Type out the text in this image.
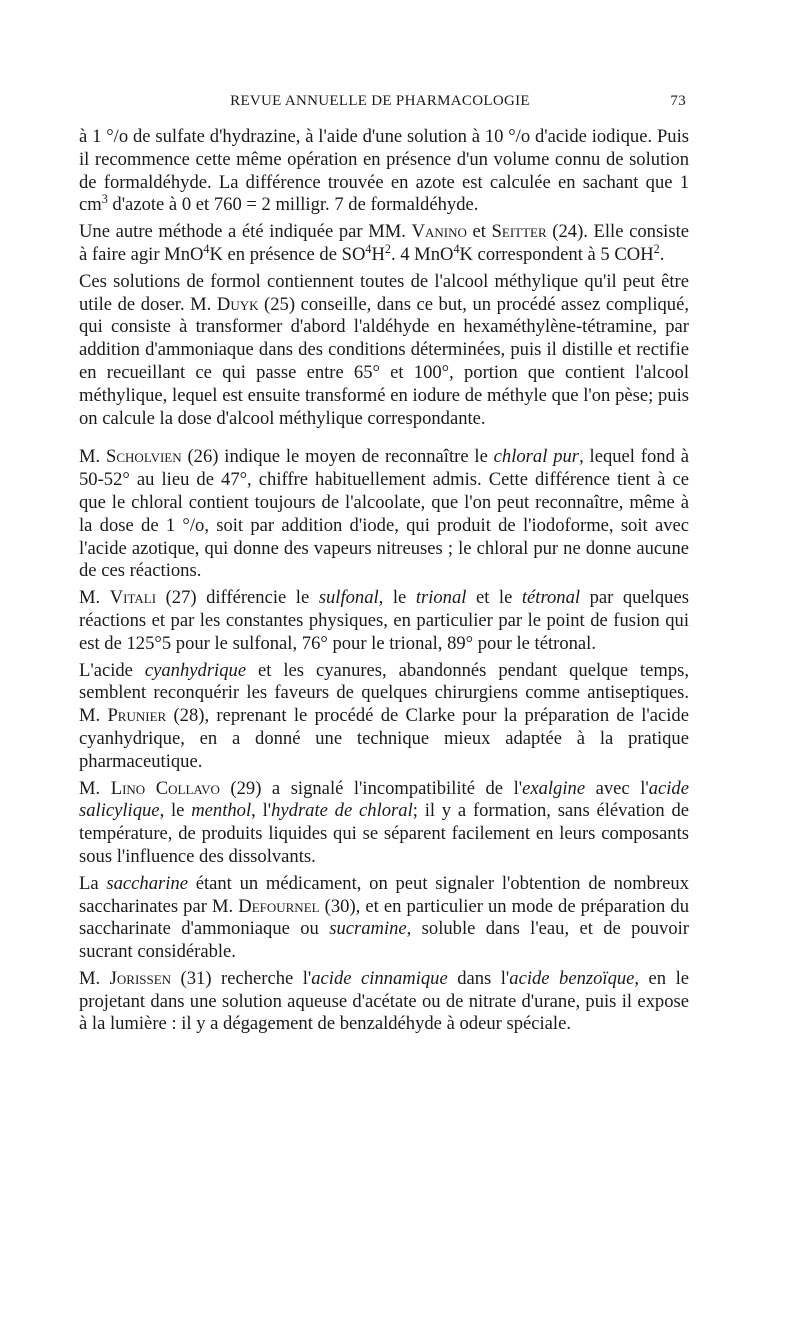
REVUE ANNUELLE DE PHARMACOLOGIE	73

à 1 °/o de sulfate d'hydrazine, à l'aide d'une solution à 10 °/o d'acide iodique. Puis il recommence cette même opération en présence d'un volume connu de solution de formaldéhyde. La différence trouvée en azote est calculée en sachant que 1 $cm^3$ d'azote à 0 et 760 = 2 milligr. 7 de formaldéhyde.

Une autre méthode a été indiquée par MM. Vanino et Seitter (24). Elle consiste à faire agir MnO$^4$K en présence de $SO^4H^2$. 4 MnO$^4$K correspondent à 5 COH$^2$.

Ces solutions de formol contiennent toutes de l'alcool méthylique qu'il peut être utile de doser. M. Duyk (25) conseille, dans ce but, un procédé assez compliqué, qui consiste à transformer d'abord l'aldéhyde en hexaméthylène-tétramine, par addition d'ammoniaque dans des conditions déterminées, puis il distille et rectifie en recueillant ce qui passe entre 65° et 100°, portion que contient l'alcool méthylique, lequel est ensuite transformé en iodure de méthyle que l'on pèse; puis on calcule la dose d'alcool méthylique correspondante.

M. Scholvien (26) indique le moyen de reconnaître le chloral pur, lequel fond à 50-52° au lieu de 47°, chiffre habituellement admis. Cette différence tient à ce que le chloral contient toujours de l'alcoolate, que l'on peut reconnaître, même à la dose de 1 °/o, soit par addition d'iode, qui produit de l'iodoforme, soit avec l'acide azotique, qui donne des vapeurs nitreuses ; le chloral pur ne donne aucune de ces réactions.

M. Vitali (27) différencie le sulfonal, le trional et le tétronal par quelques réactions et par les constantes physiques, en particulier par le point de fusion qui est de 125°5 pour le sulfonal, 76° pour le trional, 89° pour le tétronal.

L'acide cyanhydrique et les cyanures, abandonnés pendant quelque temps, semblent reconquérir les faveurs de quelques chirurgiens comme antiseptiques. M. Prunier (28), reprenant le procédé de Clarke pour la préparation de l'acide cyanhydrique, en a donné une technique mieux adaptée à la pratique pharmaceutique.

M. Lino Collavo (29) a signalé l'incompatibilité de l'exalgine avec l'acide salicylique, le menthol, l'hydrate de chloral; il y a formation, sans élévation de température, de produits liquides qui se séparent facilement en leurs composants sous l'influence des dissolvants.

La saccharine étant un médicament, on peut signaler l'obtention de nombreux saccharinates par M. Defournel (30), et en particulier un mode de préparation du saccharinate d'ammoniaque ou sucramine, soluble dans l'eau, et de pouvoir sucrant considérable.

M. Jorissen (31) recherche l'acide cinnamique dans l'acide benzoïque, en le projetant dans une solution aqueuse d'acétate ou de nitrate d'urane, puis il expose à la lumière : il y a dégagement de benzaldéhyde à odeur spéciale.
